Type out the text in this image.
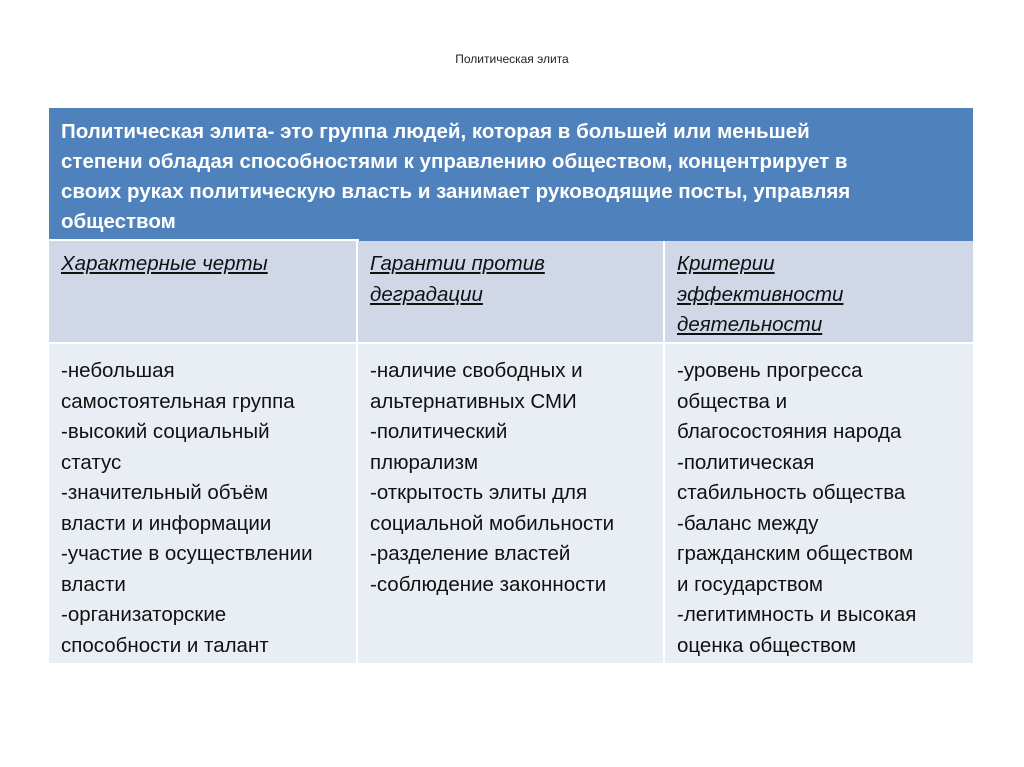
Политическая элита
Политическая элита- это группа людей, которая в большей или меньшей
степени обладая способностями к управлению обществом, концентрирует в
своих руках политическую власть и занимает руководящие посты, управляя
обществом
Характерные черты	Гарантии против
деградации
Критерии
эффективности
деятельности
-небольшая
самостоятельная группа
-высокий социальный
статус
-значительный объём
власти и информации
-участие в осуществлении
власти
-организаторские
способности и талант
-наличие свободных и
альтернативных СМИ
-политический
плюрализм
-открытость элиты для
социальной мобильности
-разделение властей
-соблюдение законности
-уровень прогресса
общества и
благосостояния народа
-политическая
стабильность общества
-баланс между
гражданским обществом
и государством
-легитимность и высокая
оценка обществом
